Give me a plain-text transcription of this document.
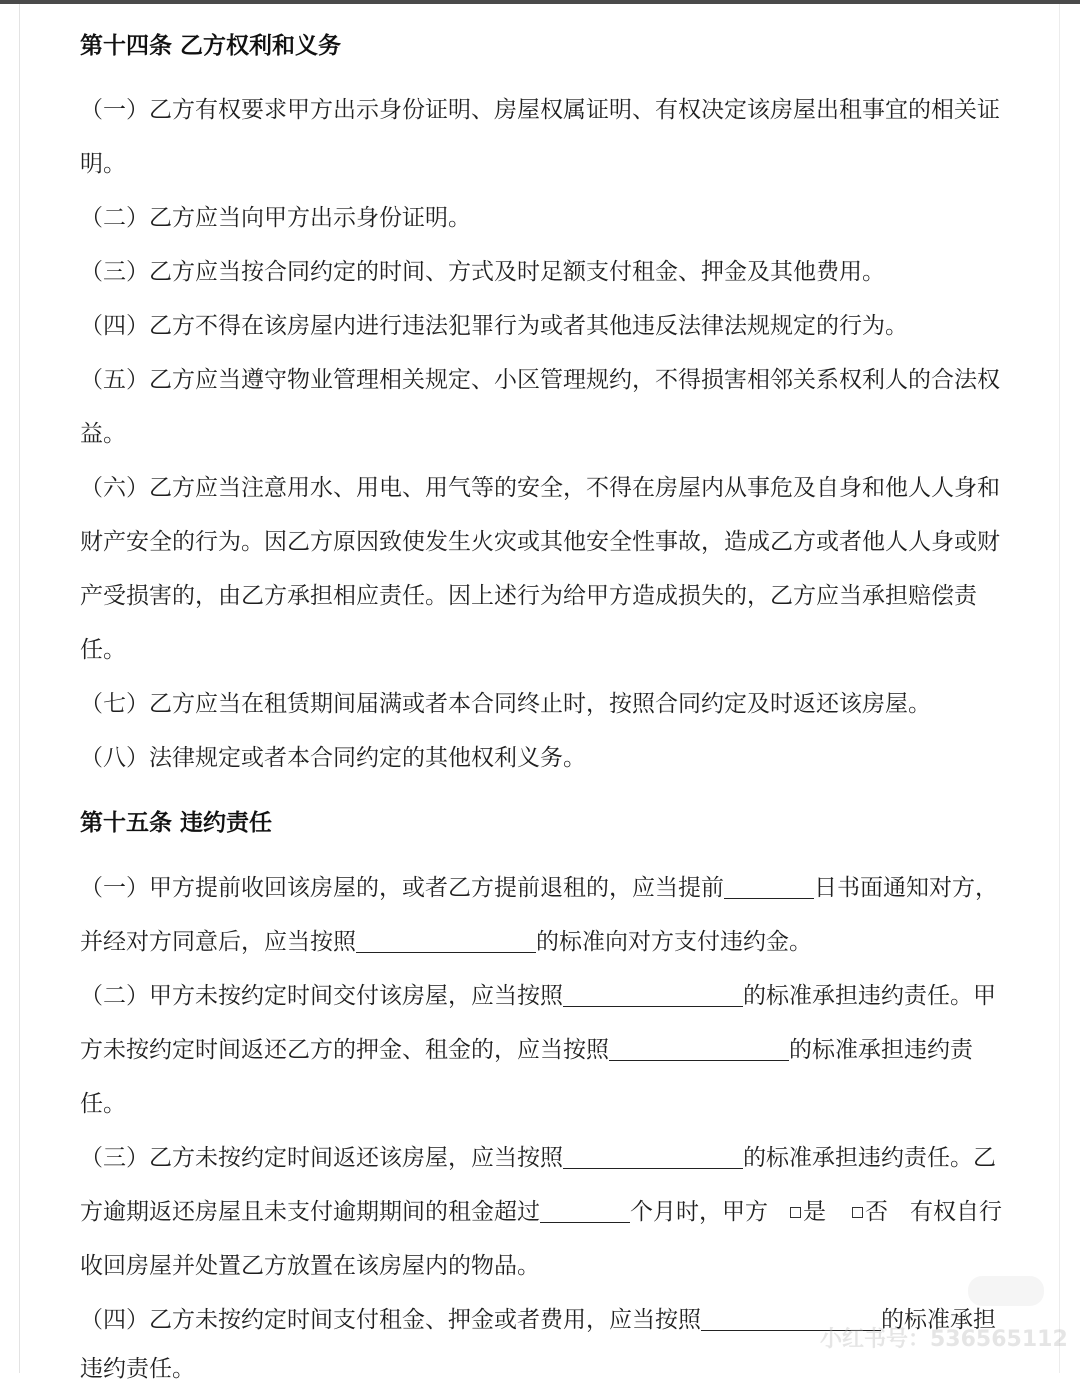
第十四条 乙方权利和义务
（一）乙方有权要求甲方出示身份证明、房屋权属证明、有权决定该房屋出租事宜的相关证
明。
（二）乙方应当向甲方出示身份证明。
（三）乙方应当按合同约定的时间、方式及时足额支付租金、押金及其他费用。
（四）乙方不得在该房屋内进行违法犯罪行为或者其他违反法律法规规定的行为。
（五）乙方应当遵守物业管理相关规定、小区管理规约，不得损害相邻关系权利人的合法权
益。
（六）乙方应当注意用水、用电、用气等的安全，不得在房屋内从事危及自身和他人人身和
财产安全的行为。因乙方原因致使发生火灾或其他安全性事故，造成乙方或者他人人身或财
产受损害的，由乙方承担相应责任。因上述行为给甲方造成损失的，乙方应当承担赔偿责
任。
（七）乙方应当在租赁期间届满或者本合同终止时，按照合同约定及时返还该房屋。
（八）法律规定或者本合同约定的其他权利义务。
第十五条 违约责任
（一）甲方提前收回该房屋的，或者乙方提前退租的，应当提前	日书面通知对方，
并经对方同意后，应当按照	的标准向对方支付违约金。
（二）甲方未按约定时间交付该房屋，应当按照	的标准承担违约责任。甲
方未按约定时间返还乙方的押金、租金的，应当按照	的标准承担违约责
任。
（三）乙方未按约定时间返还该房屋，应当按照	的标准承担违约责任。乙
方逾期返还房屋且未支付逾期期间的租金超过	个月时，甲方 是 否 有权自行
收回房屋并处置乙方放置在该房屋内的物品。
（四）乙方未按约定时间支付租金、押金或者费用，应当按照	的标准承担
违约责任。
小红书号：536565112
